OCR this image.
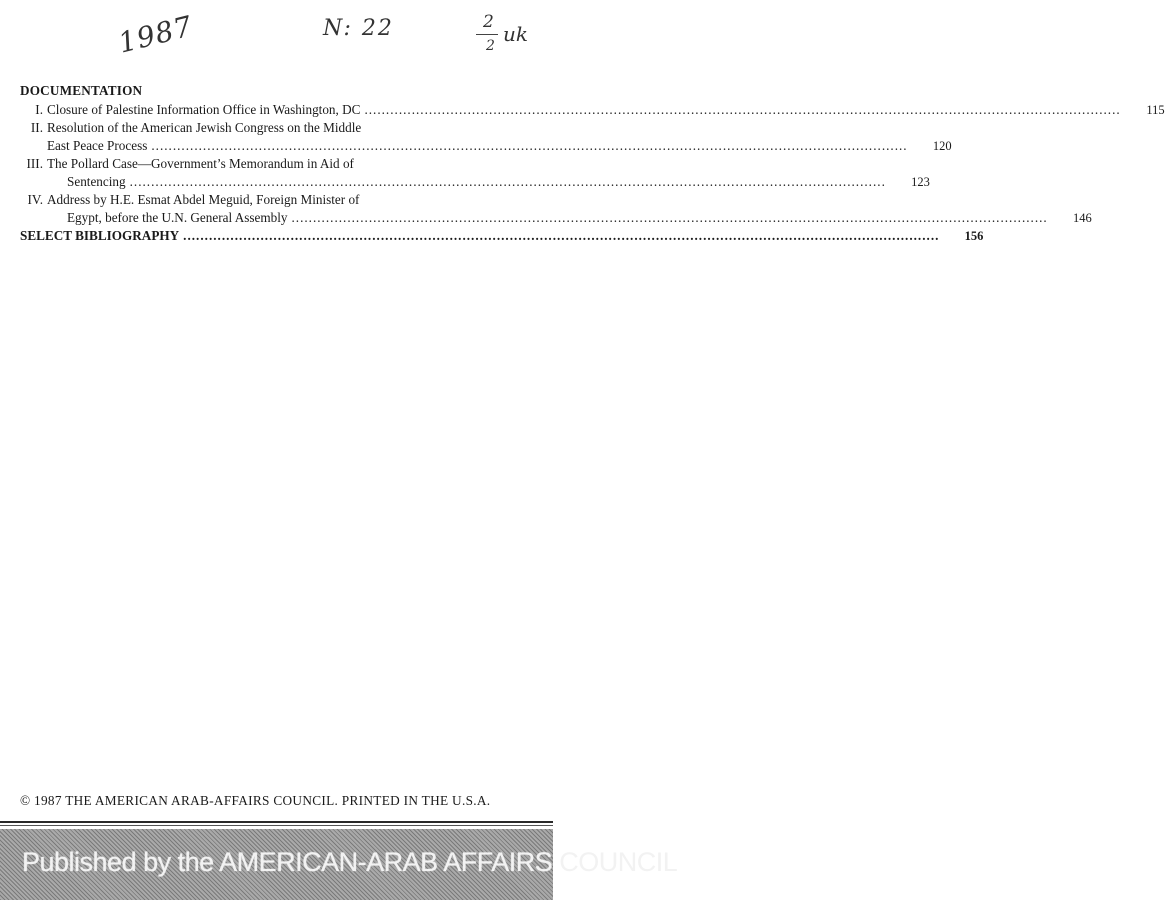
1987	N: 22	2
2 uk
DOCUMENTATION
I. Closure of Palestine Information Office in Washington, DC ................................................................................................................................................................................	115
II. Resolution of the American Jewish Congress on the Middle
East Peace Process ................................................................................................................................................................................	120
III. The Pollard Case—Government’s Memorandum in Aid of
Sentencing ................................................................................................................................................................................	123
IV. Address by H.E. Esmat Abdel Meguid, Foreign Minister of
Egypt, before the U.N. General Assembly ................................................................................................................................................................................	146
SELECT BIBLIOGRAPHY ................................................................................................................................................................................	156
© 1987 THE AMERICAN ARAB-AFFAIRS COUNCIL. PRINTED IN THE U.S.A.
Published by the AMERICAN-ARAB AFFAIRS COUNCIL
